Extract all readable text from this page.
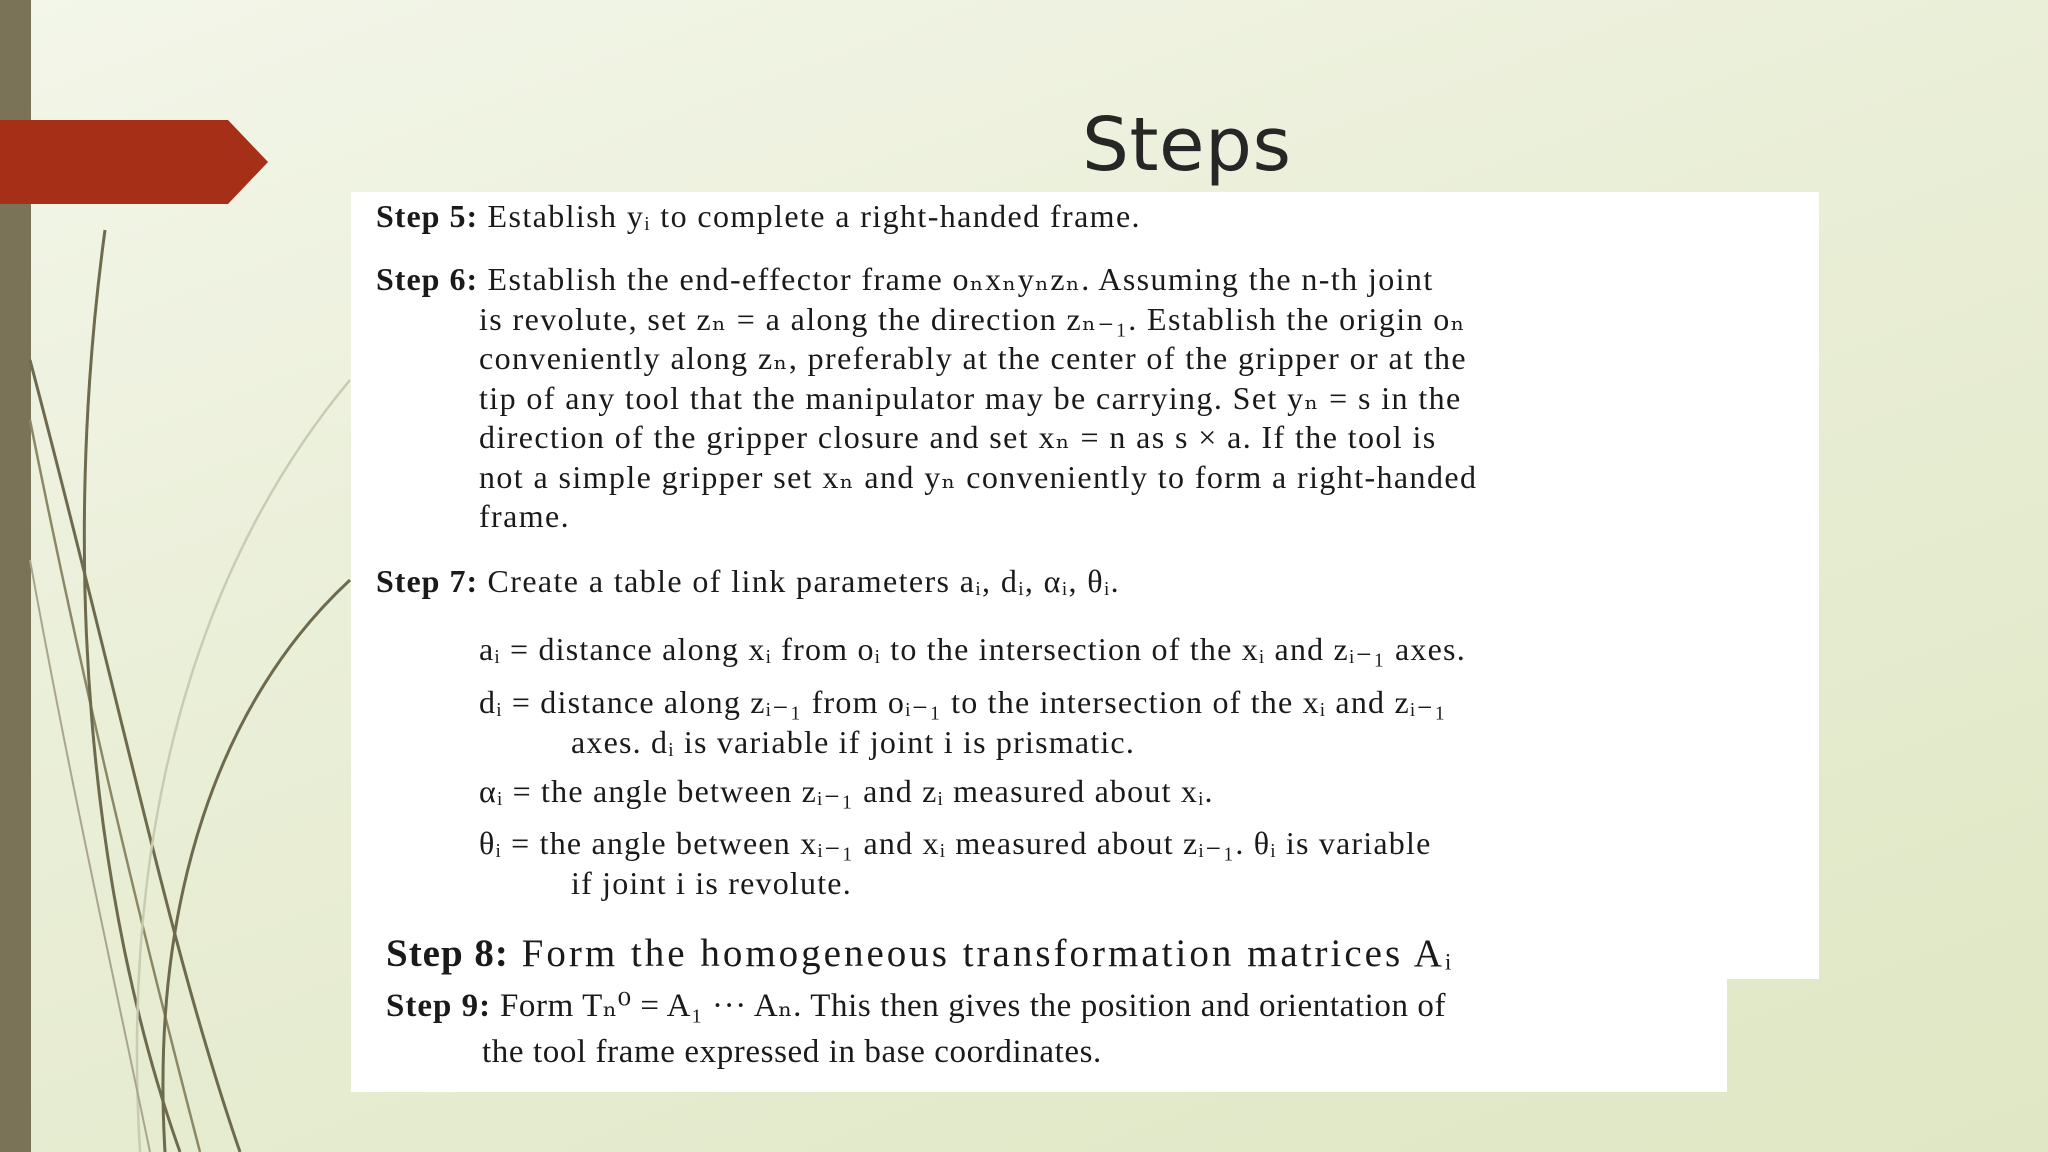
Steps
Step 5: Establish yᵢ to complete a right-handed frame.
Step 6: Establish the end-effector frame oₙxₙyₙzₙ. Assuming the n-th joint
is revolute, set zₙ = a along the direction zₙ₋₁. Establish the origin oₙ
conveniently along zₙ, preferably at the center of the gripper or at the
tip of any tool that the manipulator may be carrying. Set yₙ = s in the
direction of the gripper closure and set xₙ = n as s × a. If the tool is
not a simple gripper set xₙ and yₙ conveniently to form a right-handed
frame.
Step 7: Create a table of link parameters aᵢ, dᵢ, αᵢ, θᵢ.
aᵢ = distance along xᵢ from oᵢ to the intersection of the xᵢ and zᵢ₋₁ axes.
dᵢ = distance along zᵢ₋₁ from oᵢ₋₁ to the intersection of the xᵢ and zᵢ₋₁
axes. dᵢ is variable if joint i is prismatic.
αᵢ = the angle between zᵢ₋₁ and zᵢ measured about xᵢ.
θᵢ = the angle between xᵢ₋₁ and xᵢ measured about zᵢ₋₁. θᵢ is variable
if joint i is revolute.
Step 8: Form the homogeneous transformation matrices Aᵢ
Step 9: Form Tₙ⁰ = A₁ ··· Aₙ. This then gives the position and orientation of
the tool frame expressed in base coordinates.
